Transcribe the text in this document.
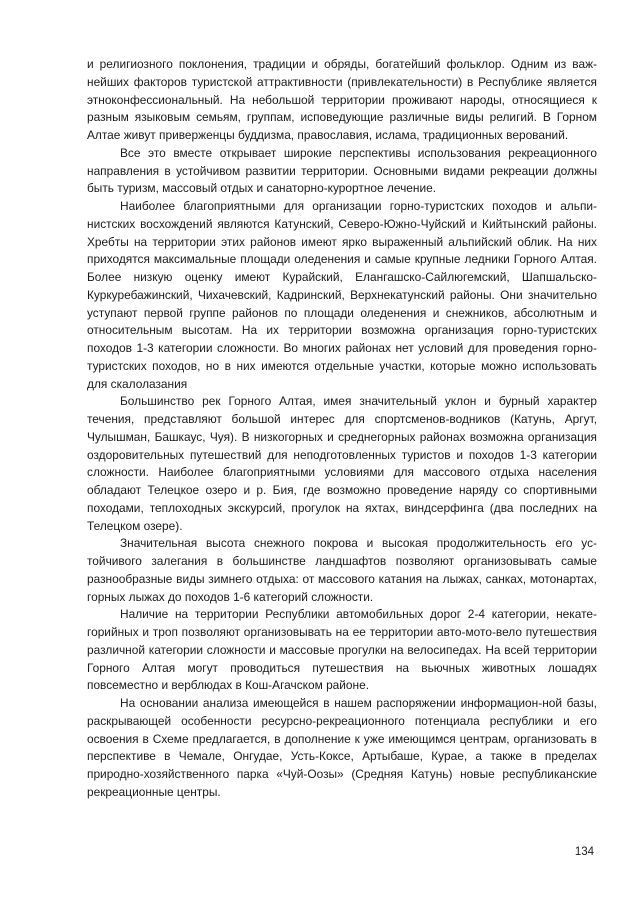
и религиозного поклонения, традиции и обряды, богатейший фольклор. Одним из важнейших факторов туристской аттрактивности (привлекательности) в Республике является этноконфессиональный. На небольшой территории проживают народы, относящиеся к разным языковым семьям, группам, исповедующие различные виды религий. В Горном Алтае живут приверженцы буддизма, православия, ислама, традиционных верований.

Все это вместе открывает широкие перспективы использования рекреационного направления в устойчивом развитии территории. Основными видами рекреации должны быть туризм, массовый отдых и санаторно-курортное лечение.

Наиболее благоприятными для организации горно-туристских походов и альпинистских восхождений являются Катунский, Северо-Южно-Чуйский и Кийтынский районы. Хребты на территории этих районов имеют ярко выраженный альпийский облик. На них приходятся максимальные площади оледенения и самые крупные ледники Горного Алтая. Более низкую оценку имеют Курайский, Елангашско-Сайлюгемский, Шапшальско-Куркуребажинский, Чихачевский, Кадринский, Верхнекатунский районы. Они значительно уступают первой группе районов по площади оледенения и снежников, абсолютным и относительным высотам. На их территории возможна организация горно-туристских походов 1-3 категории сложности. Во многих районах нет условий для проведения горно-туристских походов, но в них имеются отдельные участки, которые можно использовать для скалолазания

Большинство рек Горного Алтая, имея значительный уклон и бурный характер течения, представляют большой интерес для спортсменов-водников (Катунь, Аргут, Чулышман, Башкаус, Чуя). В низкогорных и среднегорных районах возможна организация оздоровительных путешествий для неподготовленных туристов и походов 1-3 категории сложности. Наиболее благоприятными условиями для массового отдыха населения обладают Телецкое озеро и р. Бия, где возможно проведение наряду со спортивными походами, теплоходных экскурсий, прогулок на яхтах, виндсерфинга (два последних на Телецком озере).

Значительная высота снежного покрова и высокая продолжительность его устойчивого залегания в большинстве ландшафтов позволяют организовывать самые разнообразные виды зимнего отдыха: от массового катания на лыжах, санках, мотонартах, горных лыжах до походов 1-6 категорий сложности.

Наличие на территории Республики автомобильных дорог 2-4 категории, некатегорийных и троп позволяют организовывать на ее территории авто-мото-вело путешествия различной категории сложности и массовые прогулки на велосипедах. На всей территории Горного Алтая могут проводиться путешествия на вьючных животных лошадях повсеместно и верблюдах в Кош-Агачском районе.

На основании анализа имеющейся в нашем распоряжении информацион-ной базы, раскрывающей особенности ресурсно-рекреационного потенциала республики и его освоения в Схеме предлагается, в дополнение к уже имеющимся центрам, организовать в перспективе в Чемале, Онгудае, Усть-Коксе, Артыбаше, Курае, а также в пределах природно-хозяйственного парка «Чуй-Оозы» (Средняя Катунь) новые республиканские рекреационные центры.

134
